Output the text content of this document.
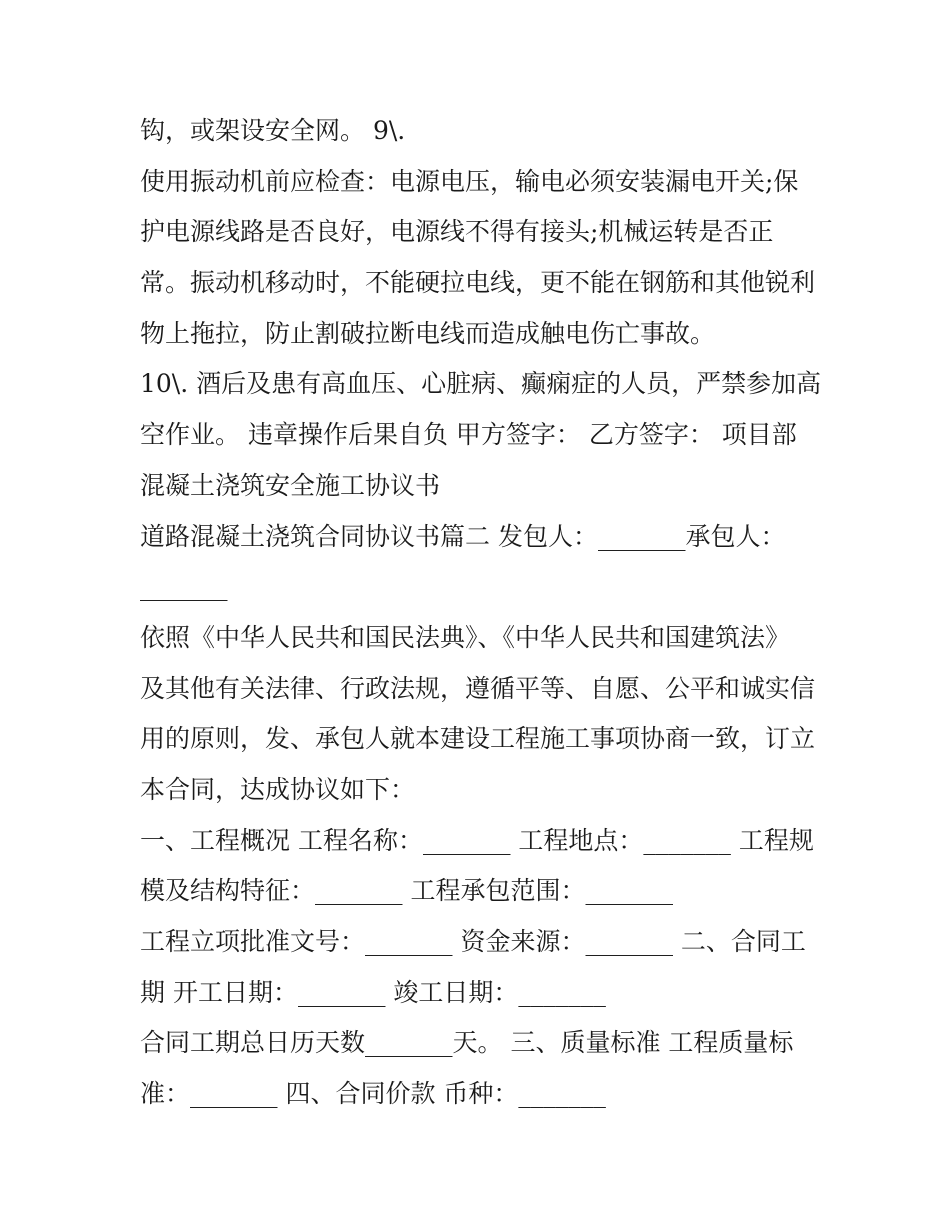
钩，或架设安全网。 9\.
使用振动机前应检查：电源电压，输电必须安装漏电开关;保
护电源线路是否良好，电源线不得有接头;机械运转是否正
常。振动机移动时，不能硬拉电线，更不能在钢筋和其他锐利
物上拖拉，防止割破拉断电线而造成触电伤亡事故。
10\. 酒后及患有高血压、心脏病、癫痫症的人员，严禁参加高
空作业。 违章操作后果自负 甲方签字： 乙方签字： 项目部
混凝土浇筑安全施工协议书
道路混凝土浇筑合同协议书篇二 发包人：_______承包人：
_______
依照《中华人民共和国民法典》、《中华人民共和国建筑法》
及其他有关法律、行政法规，遵循平等、自愿、公平和诚实信
用的原则，发、承包人就本建设工程施工事项协商一致，订立
本合同，达成协议如下：
一、工程概况 工程名称：_______ 工程地点：_______ 工程规
模及结构特征：_______ 工程承包范围：_______
工程立项批准文号：_______ 资金来源：_______ 二、合同工
期 开工日期：_______ 竣工日期：_______
合同工期总日历天数_______天。 三、质量标准 工程质量标
准：_______ 四、合同价款 币种：_______
